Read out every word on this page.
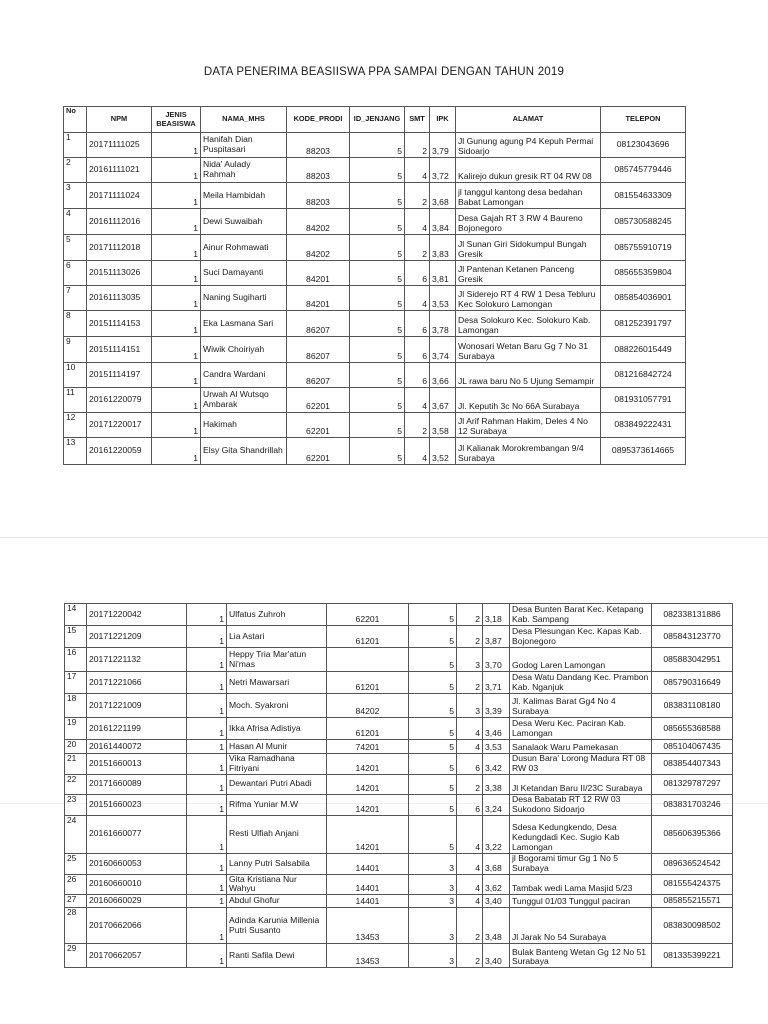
DATA PENERIMA BEASIISWA PPA SAMPAI DENGAN TAHUN 2019
No	NPM	JENIS BEASISWA	NAMA_MHS	KODE_PRODI	ID_JENJANG	SMT	IPK	ALAMAT	TELEPON
1	20171111025	1	Hanifah Dian Puspitasari	88203	5	2	3,79	Jl Gunung agung P4 Kepuh Permai Sidoarjo	08123043696
2	20161111021	1	Nida' Aulady Rahmah	88203	5	4	3,72	Kalirejo dukun gresik RT 04 RW 08	085745779446
3	20171111024	1	Meila Hambidah	88203	5	2	3,68	jl tanggul kantong desa bedahan Babat Lamongan	081554633309
4	20161112016	1	Dewi Suwaibah	84202	5	4	3,84	Desa Gajah RT 3 RW 4 Baureno Bojonegoro	085730588245
5	20171112018	1	Ainur Rohmawati	84202	5	2	3,83	Jl Sunan Giri Sidokumpul Bungah Gresik	085755910719
6	20151113026	1	Suci Damayanti	84201	5	6	3,81	Jl Pantenan Ketanen Panceng Gresik	085655359804
7	20161113035	1	Naning Sugiharti	84201	5	4	3,53	Jl Siderejo RT 4 RW 1 Desa Tebluru Kec Solokuro Lamongan	085854036901
8	20151114153	1	Eka Lasmana Sari	86207	5	6	3,78	Desa Solokuro Kec. Solokuro Kab. Lamongan	081252391797
9	20151114151	1	Wiwik Choiriyah	86207	5	6	3,74	Wonosari Wetan Baru Gg 7 No 31 Surabaya	088226015449
10	20151114197	1	Candra Wardani	86207	5	6	3,66	JL rawa baru No 5 Ujung Semampir	081216842724
11	20161220079	1	Urwah Al Wutsqo Ambarak	62201	5	4	3,67	Jl. Keputih 3c No 66A Surabaya	081931057791
12	20171220017	1	Hakimah	62201	5	2	3,58	Jl Arif Rahman Hakim, Deles 4 No 12 Surabaya	083849222431
13	20161220059	1	Elsy Gita Shandrillah	62201	5	4	3,52	Jl Kalianak Morokrembangan 9/4 Surabaya	0895373614665
14	20171220042	1	Ulfatus Zuhroh	62201	5	2	3,18	Desa Bunten Barat Kec. Ketapang Kab. Sampang	082338131886
15	20171221209	1	Lia Astari	61201	5	2	3,87	Desa Plesungan Kec. Kapas Kab. Bojonegoro	085843123770
16	20171221132	1	Heppy Tria Mar'atun Ni'mas		5	3	3,70	Godog Laren Lamongan	085883042951
17	20171221066	1	Netri Mawarsari	61201	5	2	3,71	Desa Watu Dandang Kec. Prambon Kab. Nganjuk	085790316649
18	20171221009	1	Moch. Syakroni	84202	5	3	3,39	Jl. Kalimas Barat Gg4 No 4 Surabaya	083831108180
19	20161221199	1	Ikka Afrisa Adistiya	61201	5	4	3,46	Desa Weru Kec. Paciran Kab. Lamongan	085655368588
20	20161440072	1	Hasan Al Munir	74201	5	4	3,53	Sanalaok Waru Pamekasan	085104067435
21	20151660013	1	Vika Ramadhana Fitriyani	14201	5	6	3,42	Dusun Bara' Lorong Madura RT 08 RW 03	083854407343
22	20171660089	1	Dewantari Putri Abadi	14201	5	2	3,38	Jl Ketandan Baru II/23C Surabaya	081329787297
23	20151660023	1	Rifma Yuniar M.W	14201	5	6	3,24	Desa Babatab RT 12 RW 03 Sukodono Sidoarjo	083831703246
24	20161660077	1	Resti Ulfiah Anjani	14201	5	4	3,22	Sdesa Kedungkendo, Desa Kedungdadi Kec. Sugio Kab Lamongan	085606395366
25	20160660053	1	Lanny Putri Salsabila	14401	3	4	3,68	jl Bogorami timur Gg 1 No 5 Surabaya	089636524542
26	20160660010	1	Gita Kristiana Nur Wahyu	14401	3	4	3,62	Tambak wedi Lama Masjid 5/23	081555424375
27	20160660029	1	Abdul Ghofur	14401	3	4	3,40	Tunggul 01/03 Tunggul paciran	085855215571
28	20170662066	1	Adinda Karunia Millenia Putri Susanto	13453	3	2	3,48	Jl Jarak No 54 Surabaya	083830098502
29	20170662057	1	Ranti Safila Dewi	13453	3	2	3,40	Bulak Banteng Wetan Gg 12 No 51 Surabaya	081335399221
